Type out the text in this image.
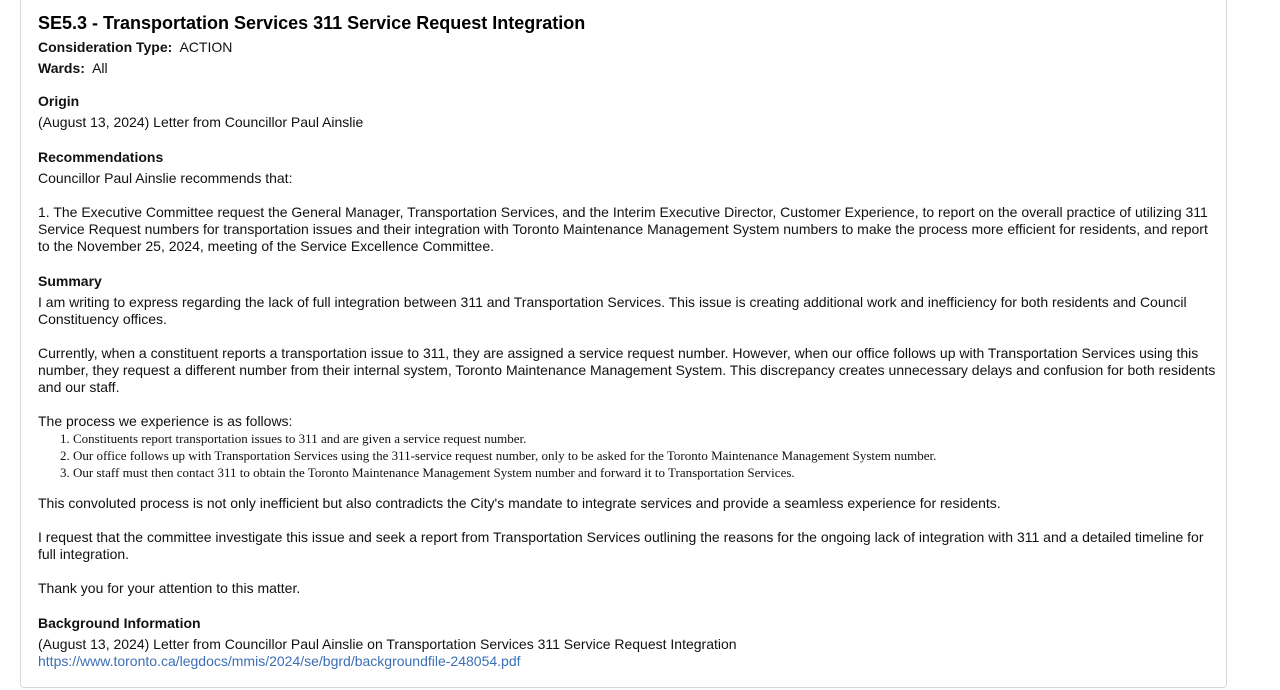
SE5.3 - Transportation Services 311 Service Request Integration

Consideration Type: ACTION

Wards: All

Origin

(August 13, 2024) Letter from Councillor Paul Ainslie

Recommendations

Councillor Paul Ainslie recommends that:

1. The Executive Committee request the General Manager, Transportation Services, and the Interim Executive Director, Customer Experience, to report on the overall practice of utilizing 311 Service Request numbers for transportation issues and their integration with Toronto Maintenance Management System numbers to make the process more efficient for residents, and report to the November 25, 2024, meeting of the Service Excellence Committee.

Summary

I am writing to express regarding the lack of full integration between 311 and Transportation Services. This issue is creating additional work and inefficiency for both residents and Council Constituency offices.

Currently, when a constituent reports a transportation issue to 311, they are assigned a service request number. However, when our office follows up with Transportation Services using this number, they request a different number from their internal system, Toronto Maintenance Management System. This discrepancy creates unnecessary delays and confusion for both residents and our staff.

The process we experience is as follows:

1. Constituents report transportation issues to 311 and are given a service request number.
2. Our office follows up with Transportation Services using the 311-service request number, only to be asked for the Toronto Maintenance Management System number.
3. Our staff must then contact 311 to obtain the Toronto Maintenance Management System number and forward it to Transportation Services.

This convoluted process is not only inefficient but also contradicts the City's mandate to integrate services and provide a seamless experience for residents.

I request that the committee investigate this issue and seek a report from Transportation Services outlining the reasons for the ongoing lack of integration with 311 and a detailed timeline for full integration.

Thank you for your attention to this matter.

Background Information

(August 13, 2024) Letter from Councillor Paul Ainslie on Transportation Services 311 Service Request Integration

https://www.toronto.ca/legdocs/mmis/2024/se/bgrd/backgroundfile-248054.pdf
